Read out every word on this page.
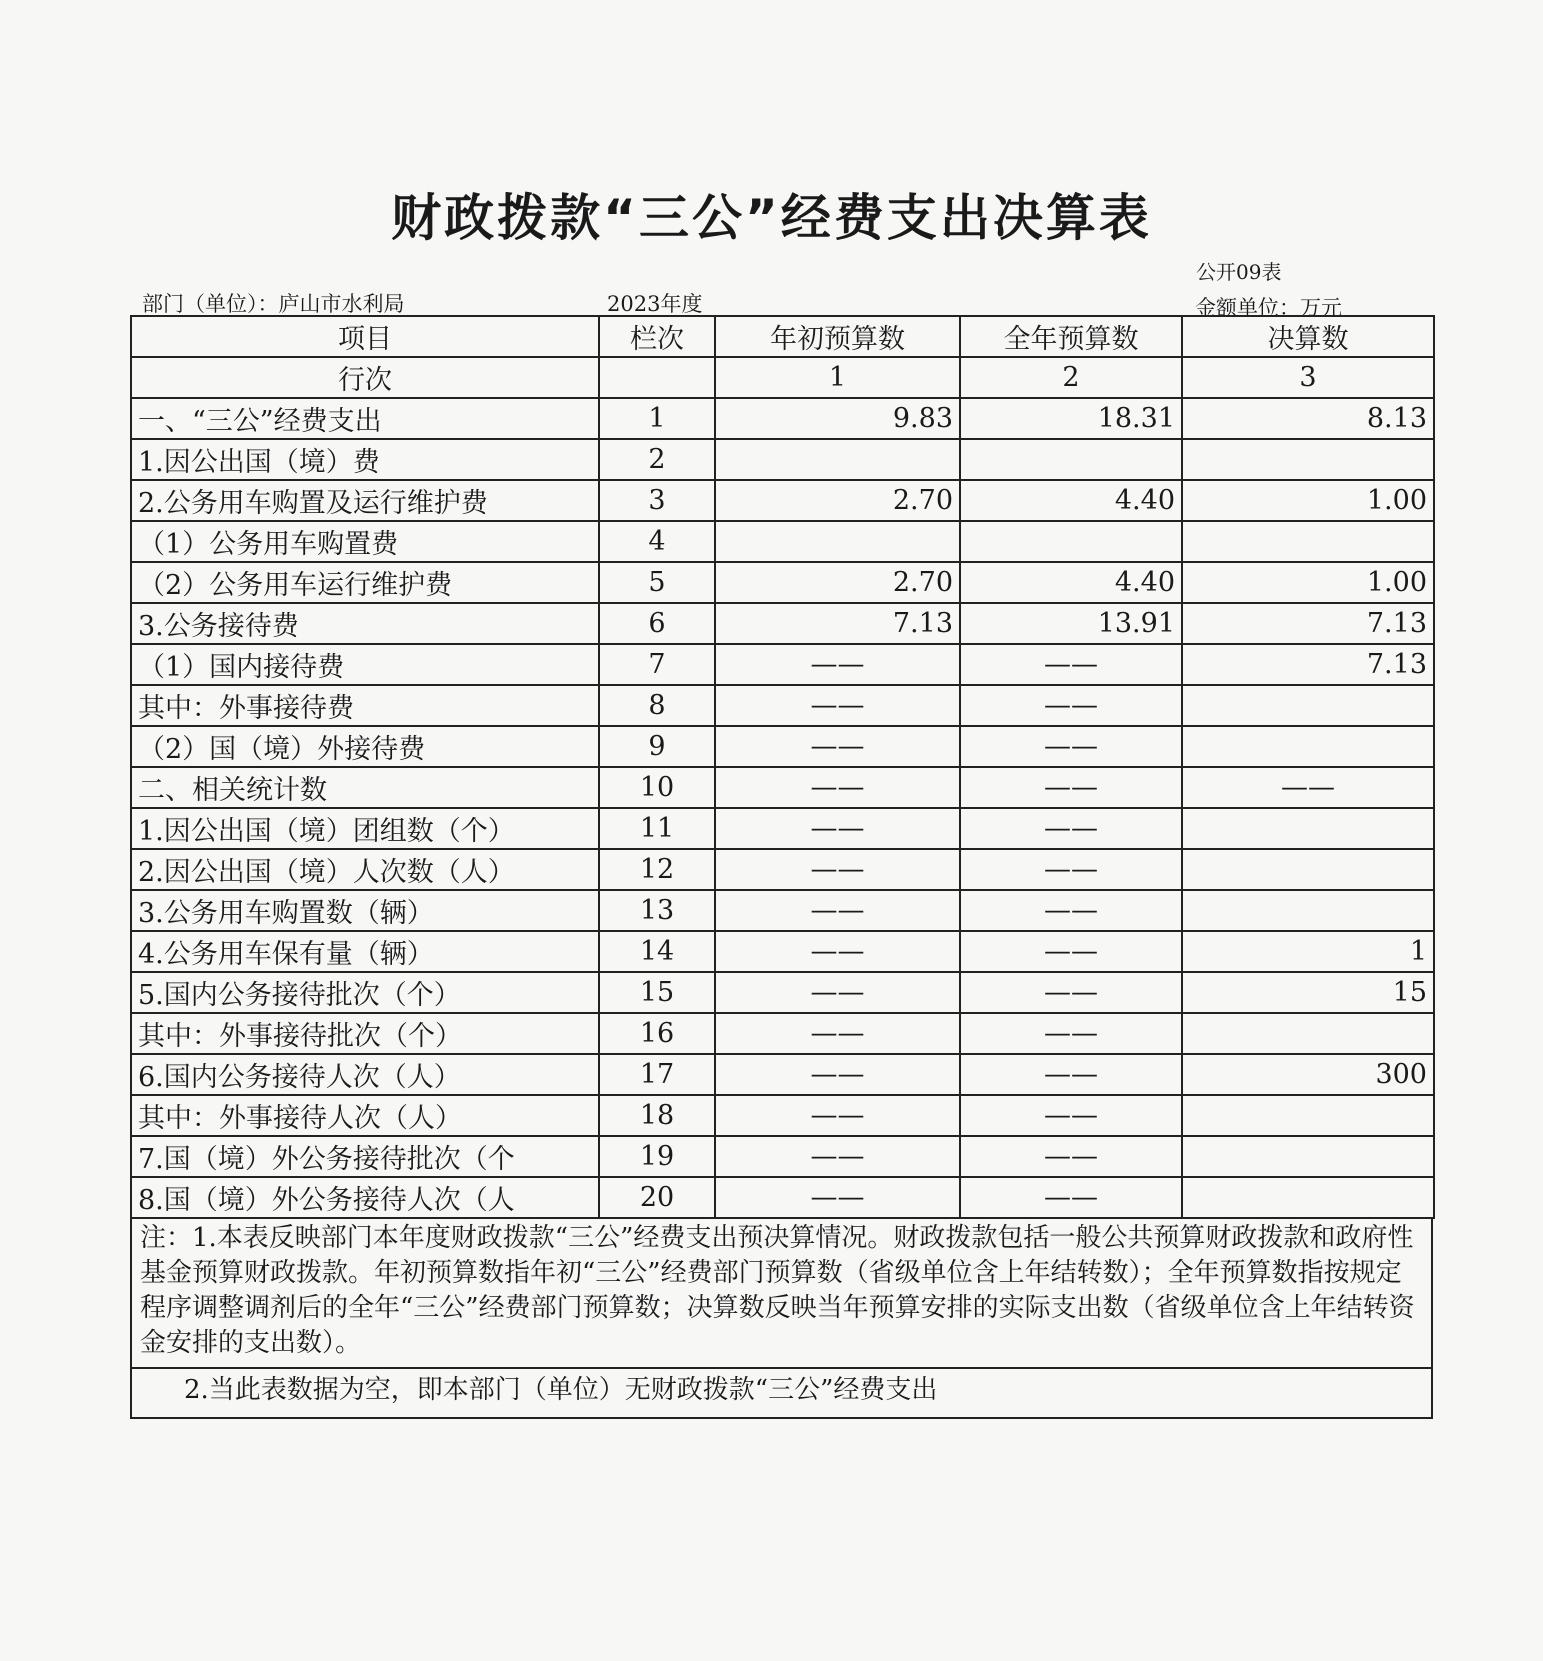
财政拨款“三公”经费支出决算表
公开09表
部门（单位）：庐山市水利局	2023年度	金额单位：万元
项目	栏次	年初预算数	全年预算数	决算数
行次		1	2	3
一、“三公”经费支出	1	9.83	18.31	8.13
1.因公出国（境）费	2			
2.公务用车购置及运行维护费	3	2.70	4.40	1.00
（1）公务用车购置费	4			
（2）公务用车运行维护费	5	2.70	4.40	1.00
3.公务接待费	6	7.13	13.91	7.13
（1）国内接待费	7	——	——	7.13
其中：外事接待费	8	——	——	
（2）国（境）外接待费	9	——	——	
二、相关统计数	10	——	——	——
1.因公出国（境）团组数（个）	11	——	——	
2.因公出国（境）人次数（人）	12	——	——	
3.公务用车购置数（辆）	13	——	——	
4.公务用车保有量（辆）	14	——	——	1
5.国内公务接待批次（个）	15	——	——	15
其中：外事接待批次（个）	16	——	——	
6.国内公务接待人次（人）	17	——	——	300
其中：外事接待人次（人）	18	——	——	
7.国（境）外公务接待批次（个	19	——	——	
8.国（境）外公务接待人次（人	20	——	——	
注：1.本表反映部门本年度财政拨款“三公”经费支出预决算情况。财政拨款包括一般公共预算财政拨款和政府性基金预算财政拨款。年初预算数指年初“三公”经费部门预算数（省级单位含上年结转数）；全年预算数指按规定程序调整调剂后的全年“三公”经费部门预算数；决算数反映当年预算安排的实际支出数（省级单位含上年结转资金安排的支出数）。
2.当此表数据为空，即本部门（单位）无财政拨款“三公”经费支出
